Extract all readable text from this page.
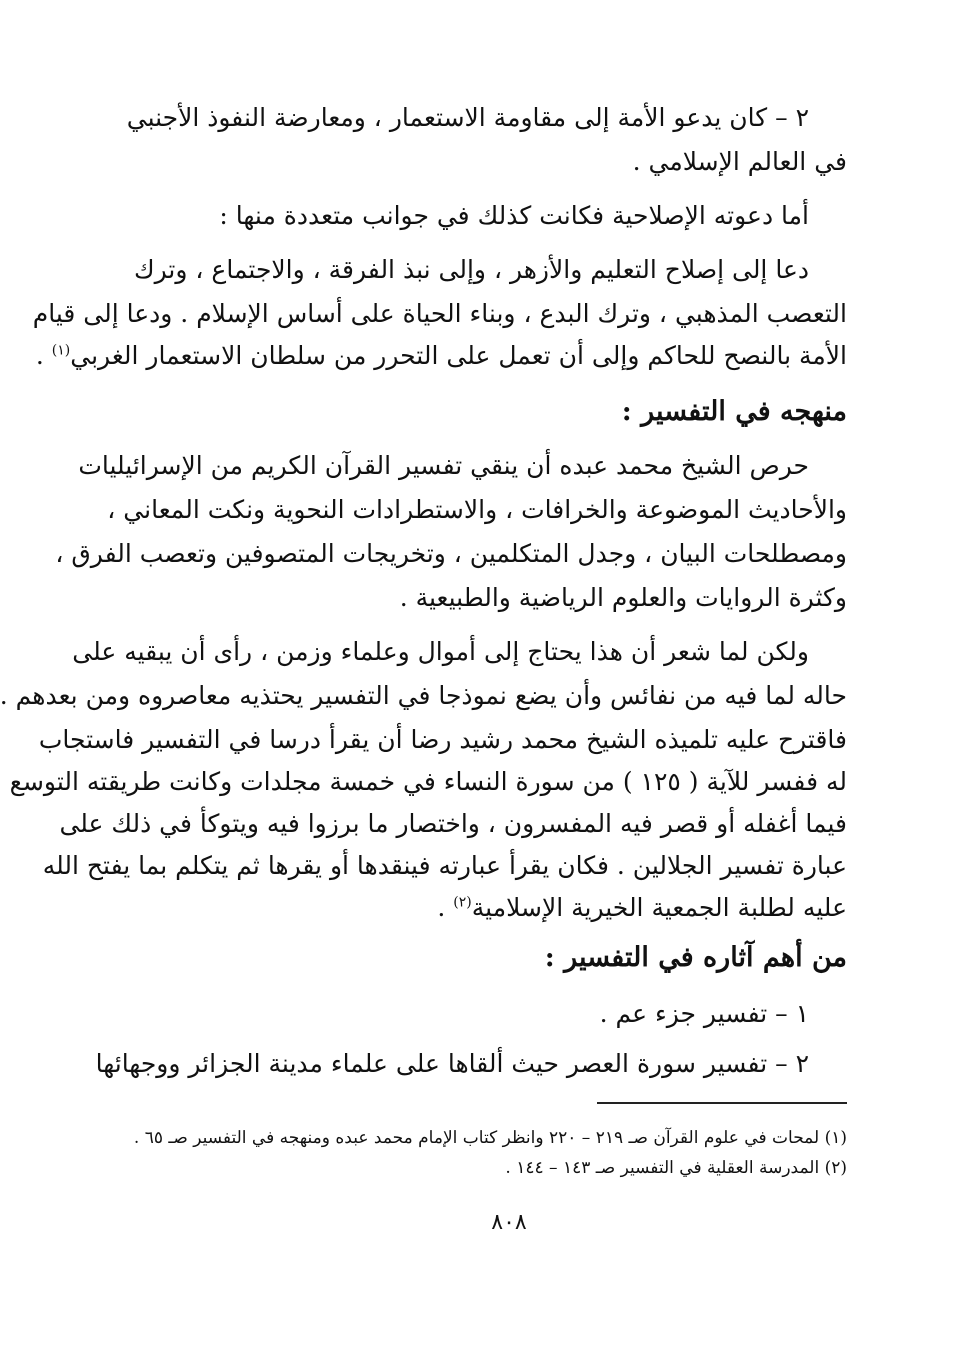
٢ – كان يدعو الأمة إلى مقاومة الاستعمار ، ومعارضة النفوذ الأجنبي
في العالم الإسلامي .
أما دعوته الإصلاحية فكانت كذلك في جوانب متعددة منها :
دعا إلى إصلاح التعليم والأزهر ، وإلى نبذ الفرقة ، والاجتماع ، وترك
التعصب المذهبي ، وترك البدع ، وبناء الحياة على أساس الإسلام . ودعا إلى قيام
الأمة بالنصح للحاكم وإلى أن تعمل على التحرر من سلطان الاستعمار الغربي$^{(١)}$ .
منهجه في التفسير :
حرص الشيخ محمد عبده أن ينقي تفسير القرآن الكريم من الإسرائيليات
والأحاديث الموضوعة والخرافات ، والاستطرادات النحوية ونكت المعاني ،
ومصطلحات البيان ، وجدل المتكلمين ، وتخريجات المتصوفين وتعصب الفرق ،
وكثرة الروايات والعلوم الرياضية والطبيعية .
ولكن لما شعر أن هذا يحتاج إلى أموال وعلماء وزمن ، رأى أن يبقيه على
حاله لما فيه من نفائس وأن يضع نموذجا في التفسير يحتذيه معاصروه ومن بعدهم .
فاقترح عليه تلميذه الشيخ محمد رشيد رضا أن يقرأ درسا في التفسير فاستجاب
له ففسر للآية ( ١٢٥ ) من سورة النساء في خمسة مجلدات وكانت طريقته التوسع
فيما أغفله أو قصر فيه المفسرون ، واختصار ما برزوا فيه ويتوكأ في ذلك على
عبارة تفسير الجلالين . فكان يقرأ عبارته فينقدها أو يقرها ثم يتكلم بما يفتح الله
عليه لطلبة الجمعية الخيرية الإسلامية$^{(٢)}$ .
من أهم آثاره في التفسير :
١ – تفسير جزء عم .
٢ – تفسير سورة العصر حيث ألقاها على علماء مدينة الجزائر ووجهائها
(١) لمحات في علوم القرآن صـ ٢١٩ – ٢٢٠ وانظر كتاب الإمام محمد عبده ومنهجه في التفسير صـ ٦٥ .
(٢) المدرسة العقلية في التفسير صـ ١٤٣ – ١٤٤ .
٨٠٨
